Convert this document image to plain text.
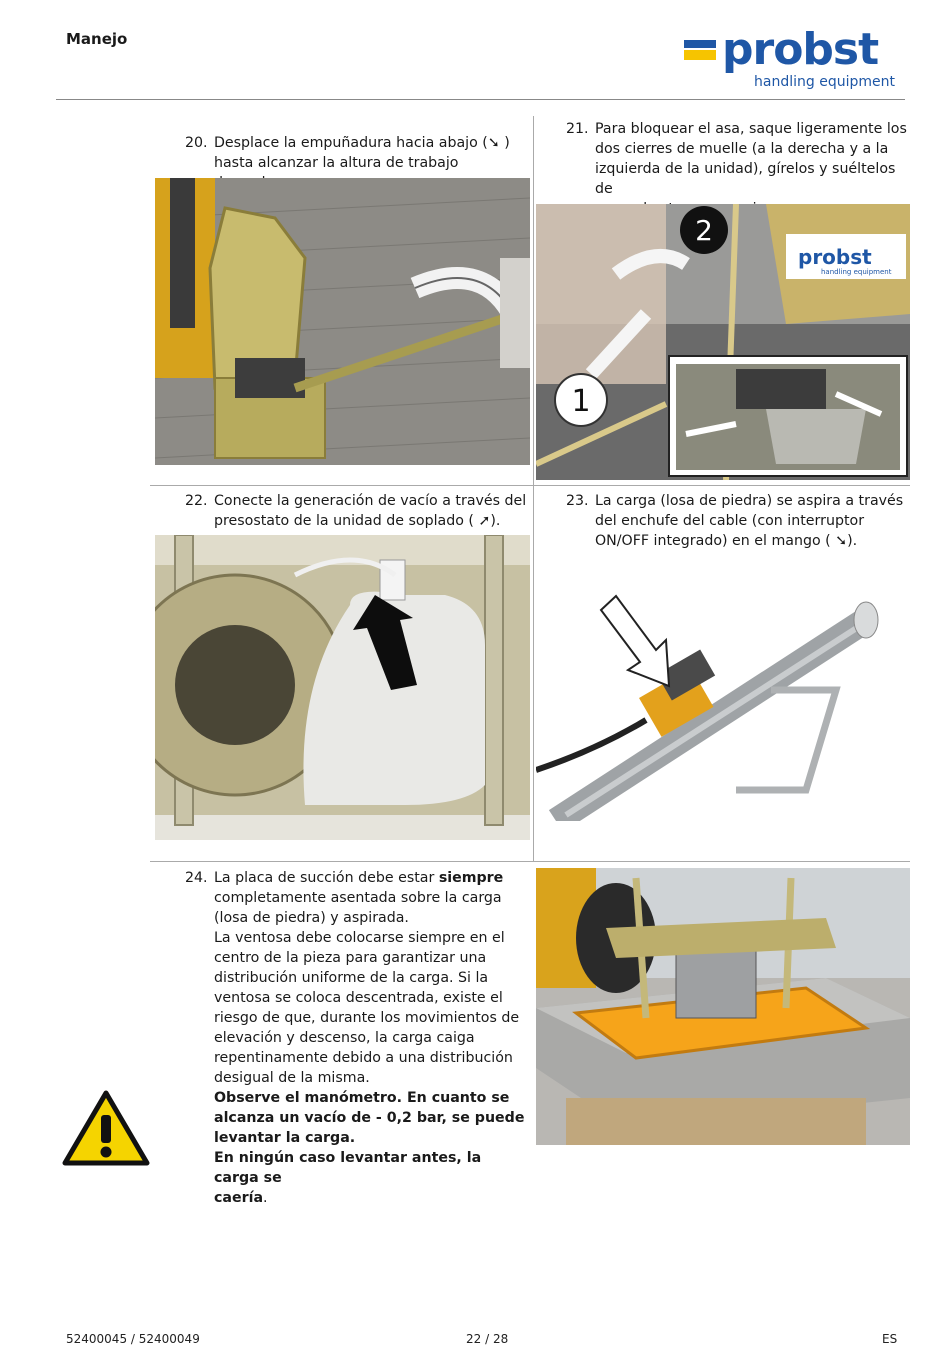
Manejo	probst
handling equipment
20. Desplace la empuñadura hacia abajo (➘ )
hasta alcanzar la altura de trabajo
21. Para bloquear el asa, saque ligeramente los
dos cierres de muelle (a la derecha y a la
izquierda de la unidad), gírelos y suéltelos de
probst
handling equipment
2
1
22. Conecte la generación de vacío a través del
presostato de la unidad de soplado ( ➚).
23. La carga (losa de piedra) se aspira a través
del enchufe del cable (con interruptor
ON/OFF integrado) en el mango ( ➘).
24. La placa de succión debe estar siempre
completamente asentada sobre la carga
(losa de piedra) y aspirada.
La ventosa debe colocarse siempre en el
centro de la pieza para garantizar una
distribución uniforme de la carga. Si la
ventosa se coloca descentrada, existe el
riesgo de que, durante los movimientos de
elevación y descenso, la carga caiga
repentinamente debido a una distribución
desigual de la misma.
Observe el manómetro. En cuanto se
alcanza un vacío de - 0,2 bar, se puede
levantar la carga.
En ningún caso levantar antes, la carga se
caería.
52400045 / 52400049	22 / 28	ES
